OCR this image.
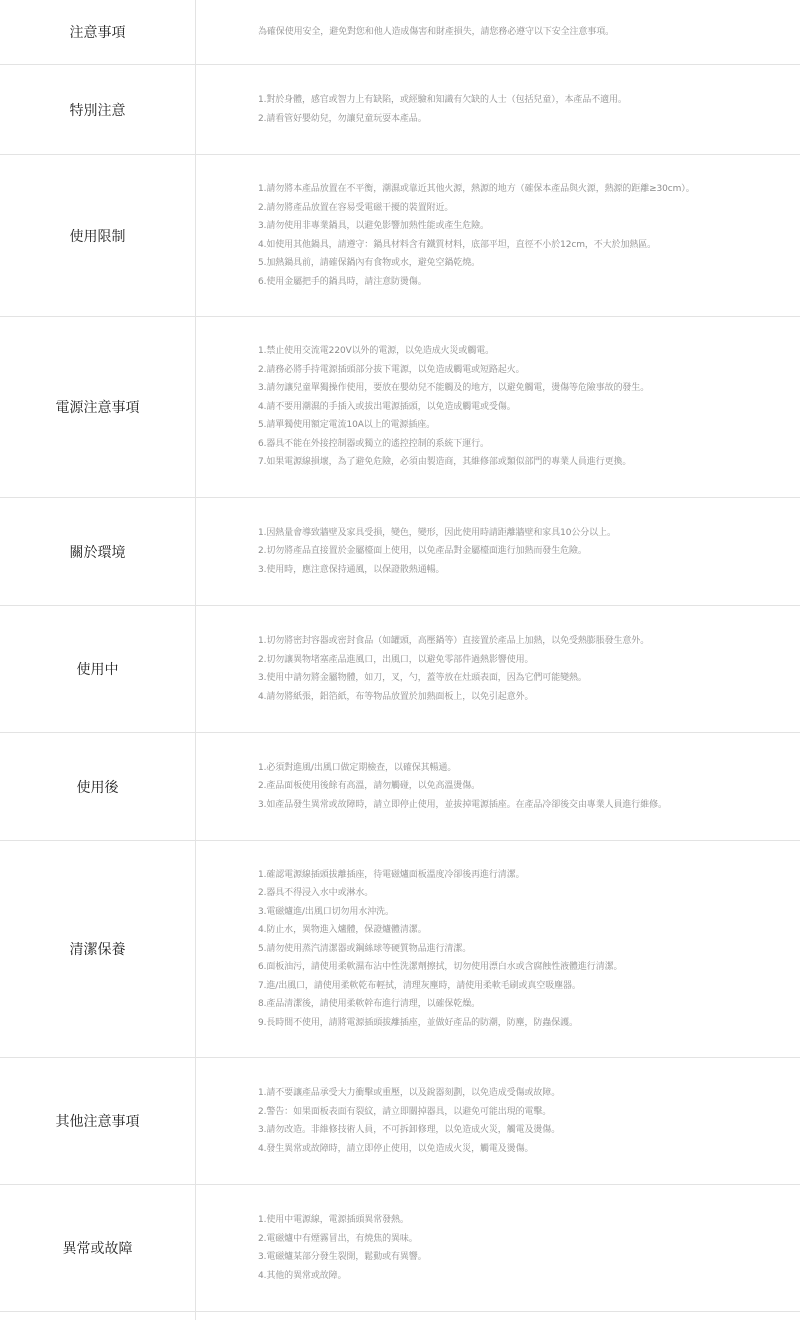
注意事項	為確保使用安全，避免對您和他人造成傷害和財產損失，請您務必遵守以下安全注意事項。
特別注意
1.對於身體，感官或智力上有缺陷，或經驗和知識有欠缺的人士（包括兒童），本產品不適用。
2.請看管好嬰幼兒，勿讓兒童玩耍本產品。
使用限制
1.請勿將本產品放置在不平衡，潮濕或靠近其他火源，熱源的地方（確保本產品與火源，熱源的距離≥30cm）。
2.請勿將產品放置在容易受電磁干擾的裝置附近。
3.請勿使用非專業鍋具，以避免影響加熱性能或產生危險。
4.如使用其他鍋具，請遵守：鍋具材料含有鐵質材料，底部平坦，直徑不小於12cm，不大於加熱區。
5.加熱鍋具前，請確保鍋內有食物或水，避免空鍋乾燒。
6.使用金屬把手的鍋具時，請注意防燙傷。
電源注意事項
1.禁止使用交流電220V以外的電源，以免造成火災或觸電。
2.請務必將手持電源插頭部分拔下電源，以免造成觸電或短路起火。
3.請勿讓兒童單獨操作使用，要放在嬰幼兒不能觸及的地方，以避免觸電，燙傷等危險事故的發生。
4.請不要用潮濕的手插入或拔出電源插頭，以免造成觸電或受傷。
5.請單獨使用額定電流10A以上的電源插座。
6.器具不能在外接控制器或獨立的遙控控制的系統下運行。
7.如果電源線損壞，為了避免危險，必須由製造商，其維修部或類似部門的專業人員進行更換。
關於環境
1.因熱量會導致牆壁及家具受損，變色，變形，因此使用時請距離牆壁和家具10公分以上。
2.切勿將產品直接置於金屬檯面上使用，以免產品對金屬檯面進行加熱而發生危險。
3.使用時，應注意保持通風，以保證散熱通暢。
使用中
1.切勿將密封容器或密封食品（如罐頭，高壓鍋等）直接置於產品上加熱，以免受熱膨脹發生意外。
2.切勿讓異物堵塞產品進風口，出風口，以避免零部件過熱影響使用。
3.使用中請勿將金屬物體，如刀，叉，勺，蓋等放在灶頭表面，因為它們可能變熱。
4.請勿將紙張，鋁箔紙，布等物品放置於加熱面板上，以免引起意外。
使用後
1.必須對進風/出風口做定期檢查，以確保其暢通。
2.產品面板使用後餘有高溫，請勿觸碰，以免高溫燙傷。
3.如產品發生異常或故障時，請立即停止使用，並拔掉電源插座。在產品冷卻後交由專業人員進行維修。
清潔保養
1.確認電源線插頭拔離插座，待電磁爐面板溫度冷卻後再進行清潔。
2.器具不得浸入水中或淋水。
3.電磁爐進/出風口切勿用水沖洗。
4.防止水，異物進入爐體，保證爐體清潔。
5.請勿使用蒸汽清潔器或鋼絲球等硬質物品進行清潔。
6.面板油污，請使用柔軟濕布沾中性洗潔劑擦拭，切勿使用漂白水或含腐蝕性液體進行清潔。
7.進/出風口，請使用柔軟乾布輕拭，清理灰塵時，請使用柔軟毛刷或真空吸塵器。
8.產品清潔後，請使用柔軟幹布進行清理，以確保乾燥。
9.長時間不使用，請將電源插頭拔離插座，並做好產品的防潮，防塵，防蟲保護。
其他注意事項
1.請不要讓產品承受大力衝擊或重壓，以及銳器刻劃，以免造成受傷或故障。
2.警告：如果面板表面有裂紋，請立即關掉器具，以避免可能出現的電擊。
3.請勿改造。非維修技術人員，不可拆卸修理，以免造成火災，觸電及燙傷。
4.發生異常或故障時，請立即停止使用，以免造成火災，觸電及燙傷。
異常或故障
1.使用中電源線，電源插頭異常發熱。
2.電磁爐中有煙霧冒出，有燒焦的異味。
3.電磁爐某部分發生裂開，鬆動或有異響。
4.其他的異常或故障。
